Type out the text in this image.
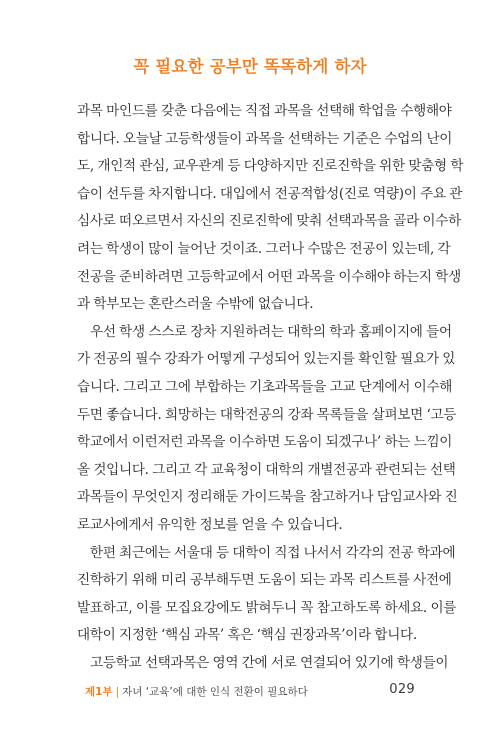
꼭 필요한 공부만 똑똑하게 하자
과목 마인드를 갖춘 다음에는 직접 과목을 선택해 학업을 수행해야
합니다. 오늘날 고등학생들이 과목을 선택하는 기준은 수업의 난이
도, 개인적 관심, 교우관계 등 다양하지만 진로진학을 위한 맞춤형 학
습이 선두를 차지합니다. 대입에서 전공적합성(진로 역량)이 주요 관
심사로 떠오르면서 자신의 진로진학에 맞춰 선택과목을 골라 이수하
려는 학생이 많이 늘어난 것이죠. 그러나 수많은 전공이 있는데, 각
전공을 준비하려면 고등학교에서 어떤 과목을 이수해야 하는지 학생
과 학부모는 혼란스러울 수밖에 없습니다.
우선 학생 스스로 장차 지원하려는 대학의 학과 홈페이지에 들어
가 전공의 필수 강좌가 어떻게 구성되어 있는지를 확인할 필요가 있
습니다. 그리고 그에 부합하는 기초과목들을 고교 단계에서 이수해
두면 좋습니다. 희망하는 대학전공의 강좌 목록들을 살펴보면 ‘고등
학교에서 이런저런 과목을 이수하면 도움이 되겠구나’ 하는 느낌이
올 것입니다. 그리고 각 교육청이 대학의 개별전공과 관련되는 선택
과목들이 무엇인지 정리해둔 가이드북을 참고하거나 담임교사와 진
로교사에게서 유익한 정보를 얻을 수 있습니다.
한편 최근에는 서울대 등 대학이 직접 나서서 각각의 전공 학과에
진학하기 위해 미리 공부해두면 도움이 되는 과목 리스트를 사전에
발표하고, 이를 모집요강에도 밝혀두니 꼭 참고하도록 하세요. 이를
대학이 지정한 ‘핵심 과목’ 혹은 ‘핵심 권장과목’이라 합니다.
고등학교 선택과목은 영역 간에 서로 연결되어 있기에 학생들이
제1부 | 자녀 ‘교육’에 대한 인식 전환이 필요하다	029
